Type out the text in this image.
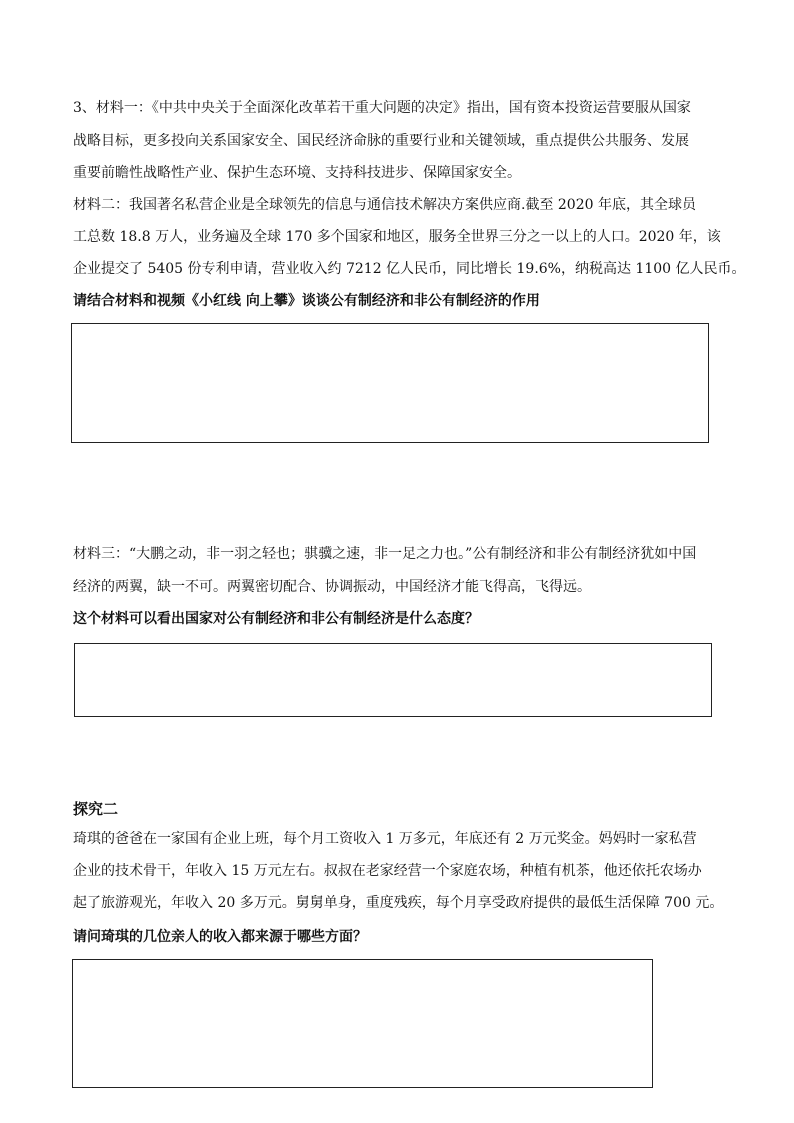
3、材料一：《中共中央关于全面深化改革若干重大问题的决定》指出，国有资本投资运营要服从国家
战略目标，更多投向关系国家安全、国民经济命脉的重要行业和关键领域，重点提供公共服务、发展
重要前瞻性战略性产业、保护生态环境、支持科技进步、保障国家安全。
材料二：我国著名私营企业是全球领先的信息与通信技术解决方案供应商.截至 2020 年底，其全球员
工总数 18.8 万人，业务遍及全球 170 多个国家和地区，服务全世界三分之一以上的人口。2020 年，该
企业提交了 5405 份专利申请，营业收入约 7212 亿人民币，同比增长 19.6%，纳税高达 1100 亿人民币。
请结合材料和视频《小红线 向上攀》谈谈公有制经济和非公有制经济的作用
材料三：“大鹏之动，非一羽之轻也；骐骥之速，非一足之力也。”公有制经济和非公有制经济犹如中国
经济的两翼，缺一不可。两翼密切配合、协调振动，中国经济才能飞得高，飞得远。
这个材料可以看出国家对公有制经济和非公有制经济是什么态度？
探究二
琦琪的爸爸在一家国有企业上班，每个月工资收入 1 万多元，年底还有 2 万元奖金。妈妈时一家私营
企业的技术骨干，年收入 15 万元左右。叔叔在老家经营一个家庭农场，种植有机茶，他还依托农场办
起了旅游观光，年收入 20 多万元。舅舅单身，重度残疾，每个月享受政府提供的最低生活保障 700 元。
请问琦琪的几位亲人的收入都来源于哪些方面？
